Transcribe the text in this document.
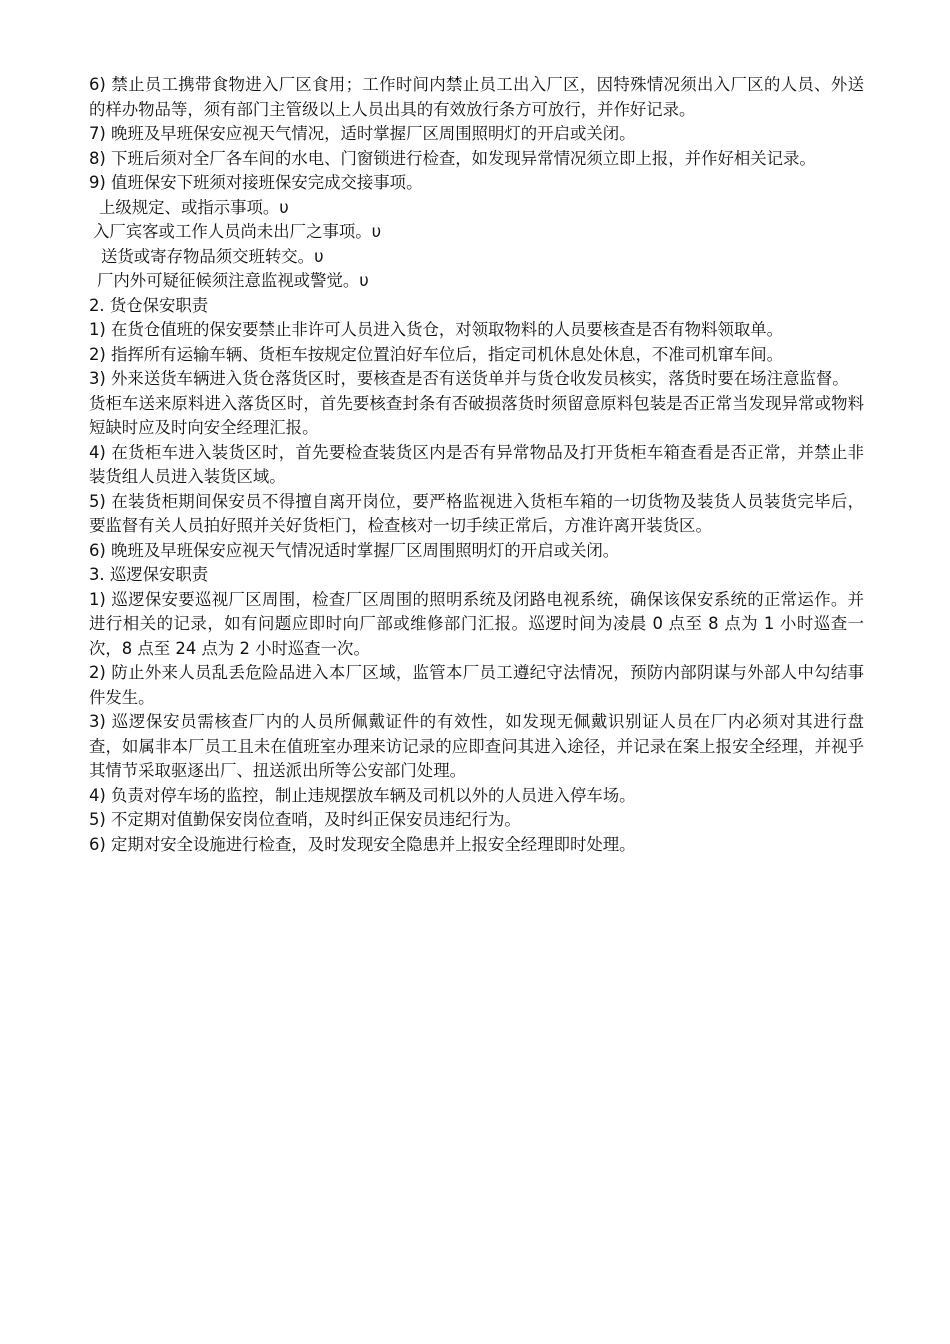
6) 禁止员工携带食物进入厂区食用；工作时间内禁止员工出入厂区，因特殊情况须出入厂区的人员、外送的样办物品等，须有部门主管级以上人员出具的有效放行条方可放行，并作好记录。

7) 晚班及早班保安应视天气情况，适时掌握厂区周围照明灯的开启或关闭。

8) 下班后须对全厂各车间的水电、门窗锁进行检查，如发现异常情况须立即上报，并作好相关记录。

9) 值班保安下班须对接班保安完成交接事项。

上级规定、或指示事项。υ

入厂宾客或工作人员尚未出厂之事项。υ

送货或寄存物品须交班转交。υ

厂内外可疑征候须注意监视或警觉。υ

2. 货仓保安职责

1) 在货仓值班的保安要禁止非许可人员进入货仓，对领取物料的人员要核查是否有物料领取单。

2) 指挥所有运输车辆、货柜车按规定位置泊好车位后，指定司机休息处休息，不准司机窜车间。

3) 外来送货车辆进入货仓落货区时，要核查是否有送货单并与货仓收发员核实，落货时要在场注意监督。

货柜车送来原料进入落货区时，首先要核查封条有否破损落货时须留意原料包装是否正常当发现异常或物料短缺时应及时向安全经理汇报。

4) 在货柜车进入装货区时，首先要检查装货区内是否有异常物品及打开货柜车箱查看是否正常，并禁止非装货组人员进入装货区域。

5) 在装货柜期间保安员不得擅自离开岗位，要严格监视进入货柜车箱的一切货物及装货人员装货完毕后，要监督有关人员拍好照并关好货柜门，检查核对一切手续正常后，方准许离开装货区。

6) 晚班及早班保安应视天气情况适时掌握厂区周围照明灯的开启或关闭。

3. 巡逻保安职责

1) 巡逻保安要巡视厂区周围，检查厂区周围的照明系统及闭路电视系统，确保该保安系统的正常运作。并进行相关的记录，如有问题应即时向厂部或维修部门汇报。巡逻时间为凌晨 0 点至 8 点为 1 小时巡查一次，8 点至 24 点为 2 小时巡查一次。

2) 防止外来人员乱丢危险品进入本厂区域，监管本厂员工遵纪守法情况，预防内部阴谋与外部人中勾结事件发生。

3) 巡逻保安员需核查厂内的人员所佩戴证件的有效性，如发现无佩戴识别证人员在厂内必须对其进行盘查，如属非本厂员工且未在值班室办理来访记录的应即查问其进入途径，并记录在案上报安全经理，并视乎其情节采取驱逐出厂、扭送派出所等公安部门处理。

4) 负责对停车场的监控，制止违规摆放车辆及司机以外的人员进入停车场。

5) 不定期对值勤保安岗位查哨，及时纠正保安员违纪行为。

6) 定期对安全设施进行检查，及时发现安全隐患并上报安全经理即时处理。
